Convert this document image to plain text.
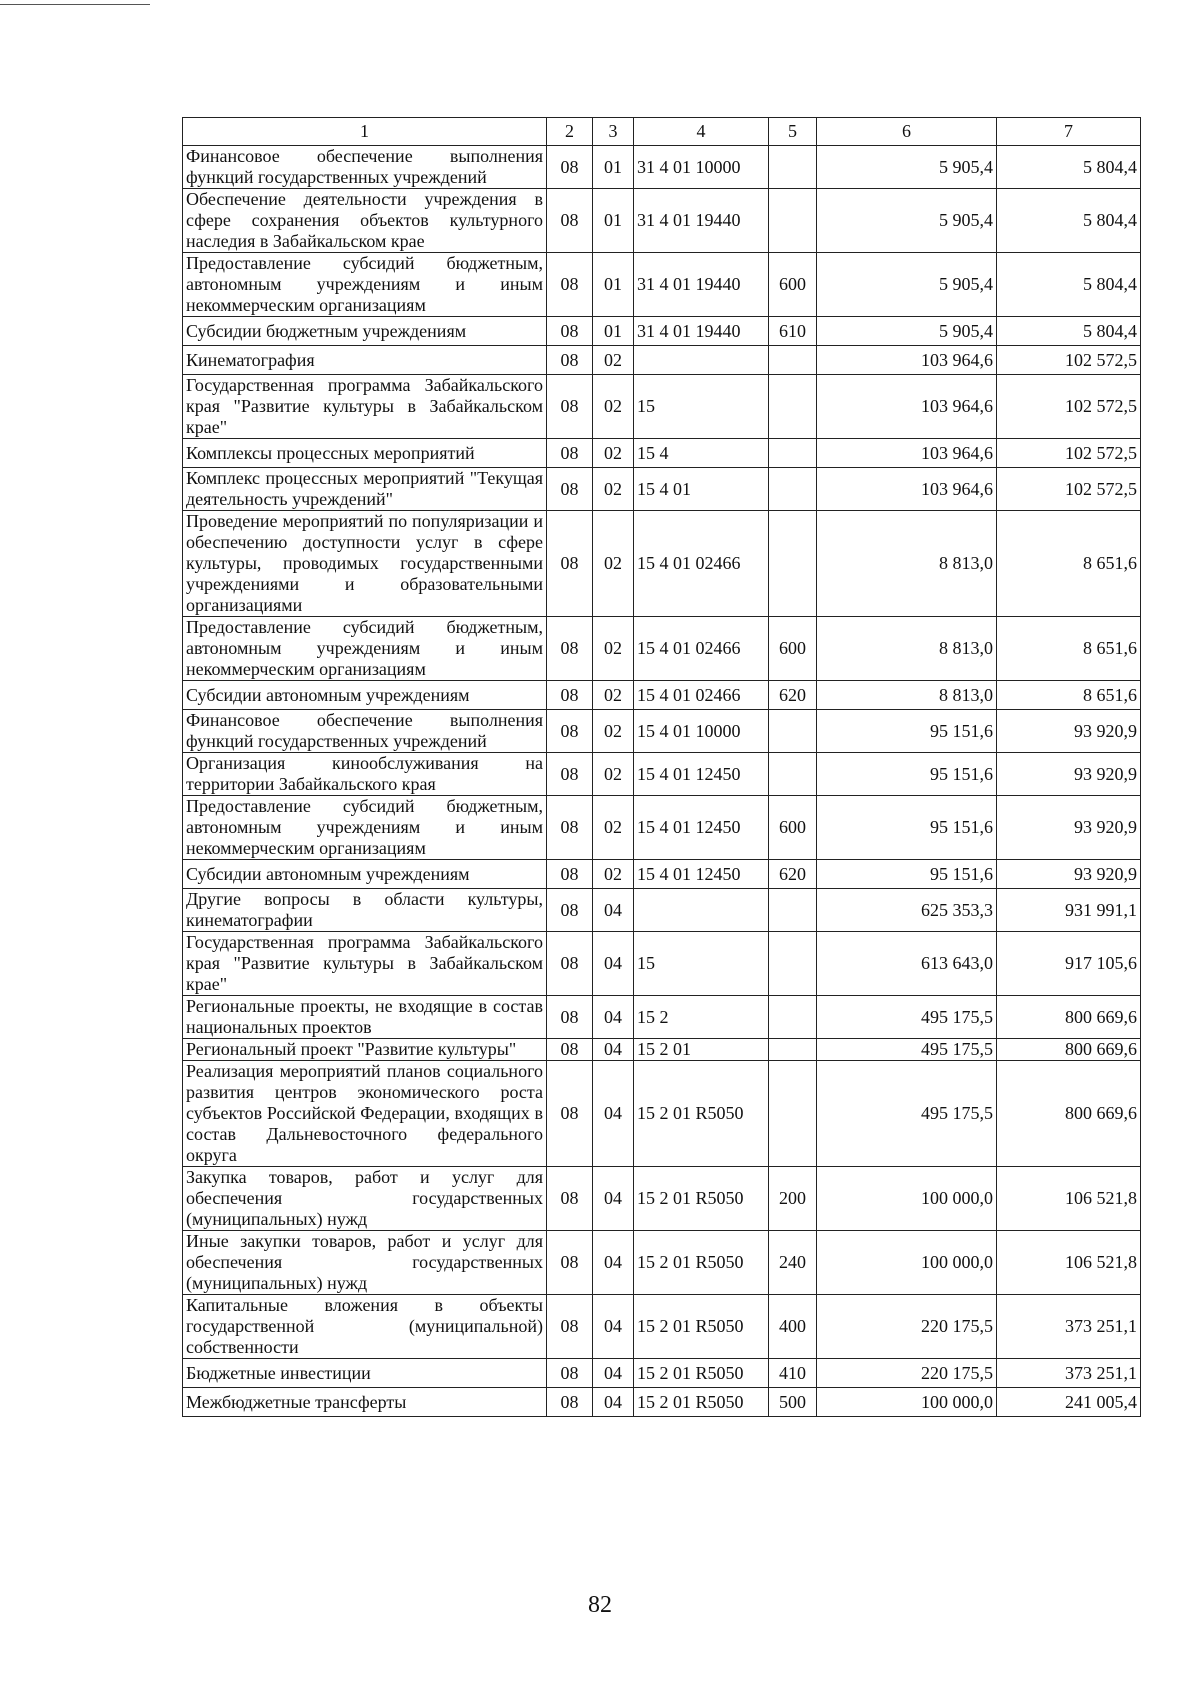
1	2	3	4	5	6	7
Финансовое обеспечение выполнения функций государственных учреждений	08	01	31 4 01 10000		5 905,4	5 804,4
Обеспечение деятельности учреждения в сфере сохранения объектов культурного наследия в Забайкальском крае	08	01	31 4 01 19440		5 905,4	5 804,4
Предоставление субсидий бюджетным, автономным учреждениям и иным некоммерческим организациям	08	01	31 4 01 19440	600	5 905,4	5 804,4
Субсидии бюджетным учреждениям	08	01	31 4 01 19440	610	5 905,4	5 804,4
Кинематография	08	02			103 964,6	102 572,5
Государственная программа Забайкальского края "Развитие культуры в Забайкальском крае"	08	02	15		103 964,6	102 572,5
Комплексы процессных мероприятий	08	02	15 4		103 964,6	102 572,5
Комплекс процессных мероприятий "Текущая деятельность учреждений"	08	02	15 4 01		103 964,6	102 572,5
Проведение мероприятий по популяризации и обеспечению доступности услуг в сфере культуры, проводимых государственными учреждениями и образовательными организациями	08	02	15 4 01 02466		8 813,0	8 651,6
Предоставление субсидий бюджетным, автономным учреждениям и иным некоммерческим организациям	08	02	15 4 01 02466	600	8 813,0	8 651,6
Субсидии автономным учреждениям	08	02	15 4 01 02466	620	8 813,0	8 651,6
Финансовое обеспечение выполнения функций государственных учреждений	08	02	15 4 01 10000		95 151,6	93 920,9
Организация кинообслуживания на территории Забайкальского края	08	02	15 4 01 12450		95 151,6	93 920,9
Предоставление субсидий бюджетным, автономным учреждениям и иным некоммерческим организациям	08	02	15 4 01 12450	600	95 151,6	93 920,9
Субсидии автономным учреждениям	08	02	15 4 01 12450	620	95 151,6	93 920,9
Другие вопросы в области культуры, кинематографии	08	04			625 353,3	931 991,1
Государственная программа Забайкальского края "Развитие культуры в Забайкальском крае"	08	04	15		613 643,0	917 105,6
Региональные проекты, не входящие в состав национальных проектов	08	04	15 2		495 175,5	800 669,6
Региональный проект "Развитие культуры"	08	04	15 2 01		495 175,5	800 669,6
Реализация мероприятий планов социального развития центров экономического роста субъектов Российской Федерации, входящих в состав Дальневосточного федерального округа	08	04	15 2 01 R5050		495 175,5	800 669,6
Закупка товаров, работ и услуг для обеспечения государственных (муниципальных) нужд	08	04	15 2 01 R5050	200	100 000,0	106 521,8
Иные закупки товаров, работ и услуг для обеспечения государственных (муниципальных) нужд	08	04	15 2 01 R5050	240	100 000,0	106 521,8
Капитальные вложения в объекты государственной (муниципальной) собственности	08	04	15 2 01 R5050	400	220 175,5	373 251,1
Бюджетные инвестиции	08	04	15 2 01 R5050	410	220 175,5	373 251,1
Межбюджетные трансферты	08	04	15 2 01 R5050	500	100 000,0	241 005,4
82
